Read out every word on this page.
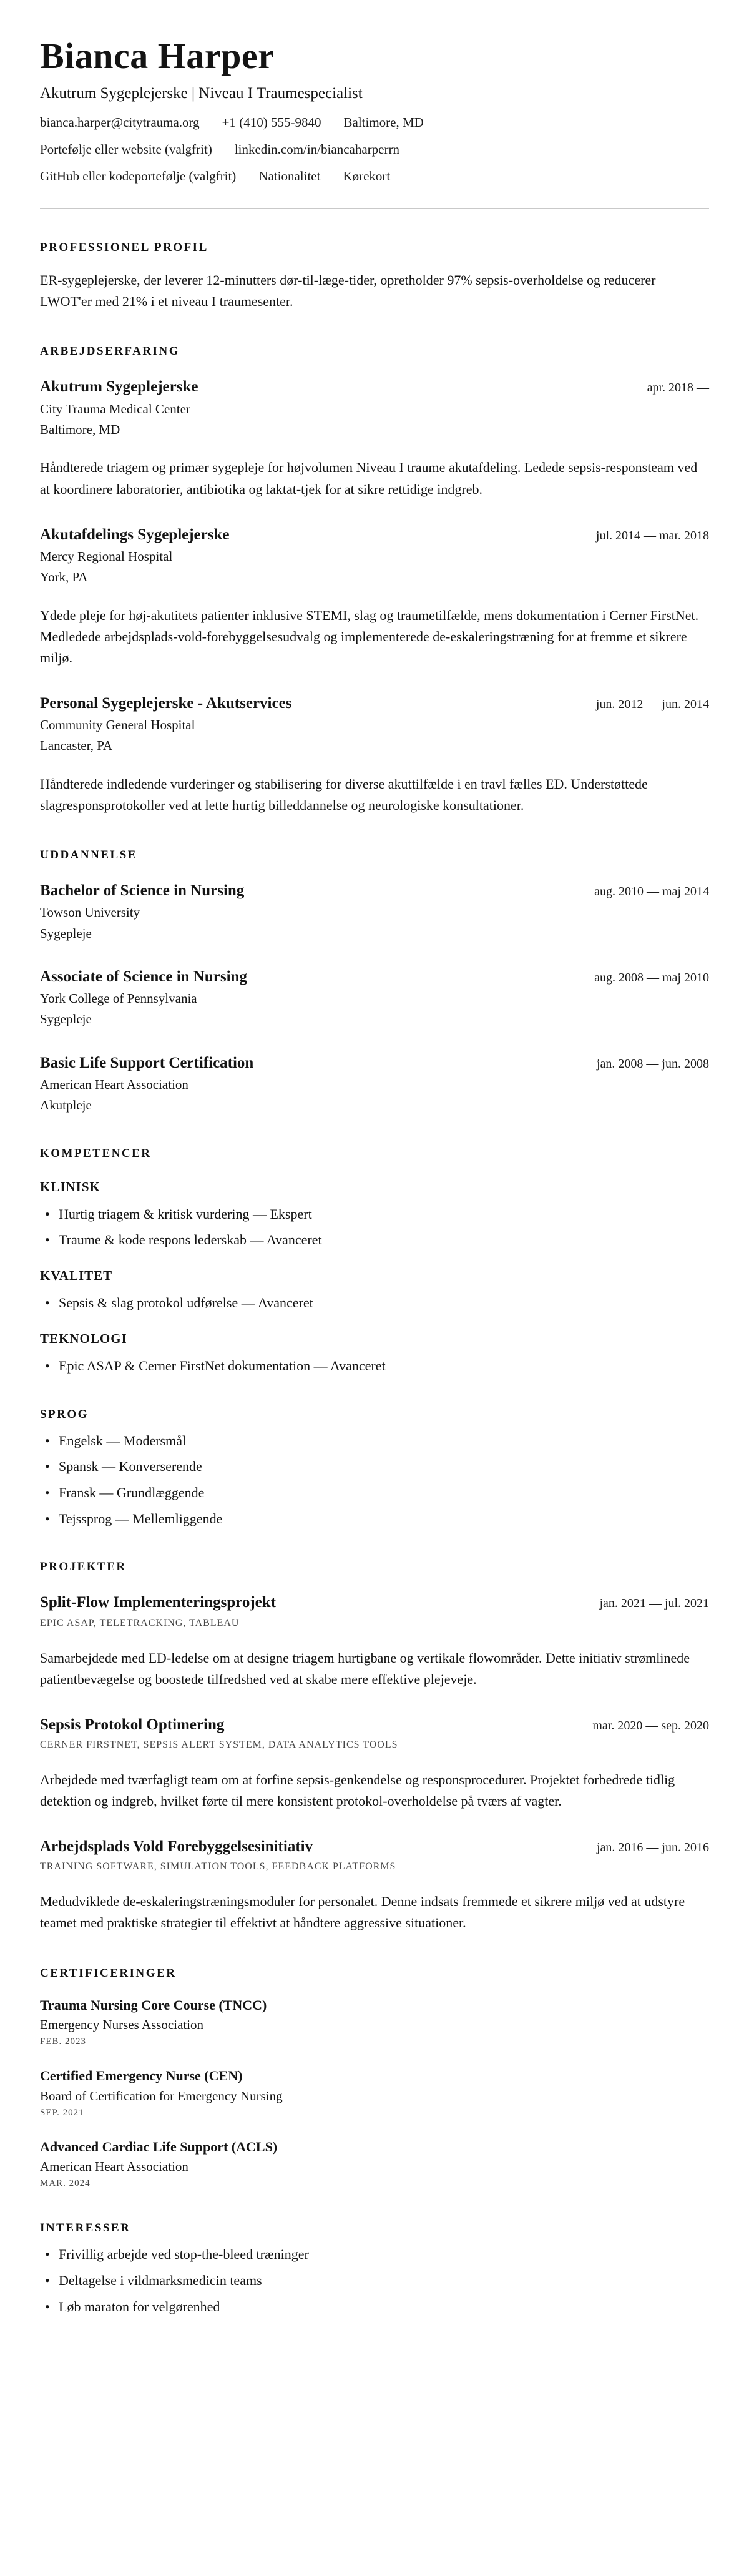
Bianca Harper
Akutrum Sygeplejerske | Niveau I Traumespecialist
bianca.harper@citytrauma.org +1 (410) 555-9840 Baltimore, MD
Portefølje eller website (valgfrit) linkedin.com/in/biancaharperrn
GitHub eller kodeportefølje (valgfrit) Nationalitet Kørekort
PROFESSIONEL PROFIL

ER-sygeplejerske, der leverer 12-minutters dør-til-læge-tider, opretholder 97% sepsis-overholdelse og reducerer LWOT'er med 21% i et niveau I traumesenter.

ARBEJDSERFARING
Akutrum Sygeplejerske	apr. 2018 —
City Trauma Medical Center
Baltimore, MD

Håndterede triagem og primær sygepleje for højvolumen Niveau I traume akutafdeling. Ledede sepsis-responsteam ved at koordinere laboratorier, antibiotika og laktat-tjek for at sikre rettidige indgreb.

Akutafdelings Sygeplejerske	jul. 2014 — mar. 2018
Mercy Regional Hospital
York, PA

Ydede pleje for høj-akutitets patienter inklusive STEMI, slag og traumetilfælde, mens dokumentation i Cerner FirstNet. Medledede arbejdsplads-vold-forebyggelsesudvalg og implementerede de-eskaleringstræning for at fremme et sikrere miljø.

Personal Sygeplejerske - Akutservices	jun. 2012 — jun. 2014
Community General Hospital
Lancaster, PA

Håndterede indledende vurderinger og stabilisering for diverse akuttilfælde i en travl fælles ED. Understøttede slagresponsprotokoller ved at lette hurtig billeddannelse og neurologiske konsultationer.

UDDANNELSE
Bachelor of Science in Nursing	aug. 2010 — maj 2014
Towson University
Sygepleje
Associate of Science in Nursing	aug. 2008 — maj 2010
York College of Pennsylvania
Sygepleje
Basic Life Support Certification	jan. 2008 — jun. 2008
American Heart Association
Akutpleje
KOMPETENCER
KLINISK
• Hurtig triagem & kritisk vurdering — Ekspert
• Traume & kode respons lederskab — Avanceret
KVALITET
• Sepsis & slag protokol udførelse — Avanceret
TEKNOLOGI
• Epic ASAP & Cerner FirstNet dokumentation — Avanceret
SPROG
• Engelsk — Modersmål
• Spansk — Konverserende
• Fransk — Grundlæggende
• Tejssprog — Mellemliggende
PROJEKTER
Split-Flow Implementeringsprojekt	jan. 2021 — jul. 2021
EPIC ASAP, TELETRACKING, TABLEAU

Samarbejdede med ED-ledelse om at designe triagem hurtigbane og vertikale flowområder. Dette initiativ strømlinede patientbevægelse og boostede tilfredshed ved at skabe mere effektive plejeveje.

Sepsis Protokol Optimering	mar. 2020 — sep. 2020
CERNER FIRSTNET, SEPSIS ALERT SYSTEM, DATA ANALYTICS TOOLS

Arbejdede med tværfagligt team om at forfine sepsis-genkendelse og responsprocedurer. Projektet forbedrede tidlig detektion og indgreb, hvilket førte til mere konsistent protokol-overholdelse på tværs af vagter.

Arbejdsplads Vold Forebyggelsesinitiativ	jan. 2016 — jun. 2016
TRAINING SOFTWARE, SIMULATION TOOLS, FEEDBACK PLATFORMS

Medudviklede de-eskaleringstræningsmoduler for personalet. Denne indsats fremmede et sikrere miljø ved at udstyre teamet med praktiske strategier til effektivt at håndtere aggressive situationer.

CERTIFICERINGER
Trauma Nursing Core Course (TNCC)
Emergency Nurses Association
FEB. 2023
Certified Emergency Nurse (CEN)
Board of Certification for Emergency Nursing
SEP. 2021
Advanced Cardiac Life Support (ACLS)
American Heart Association
MAR. 2024
INTERESSER
• Frivillig arbejde ved stop-the-bleed træninger
• Deltagelse i vildmarksmedicin teams
• Løb maraton for velgørenhed
